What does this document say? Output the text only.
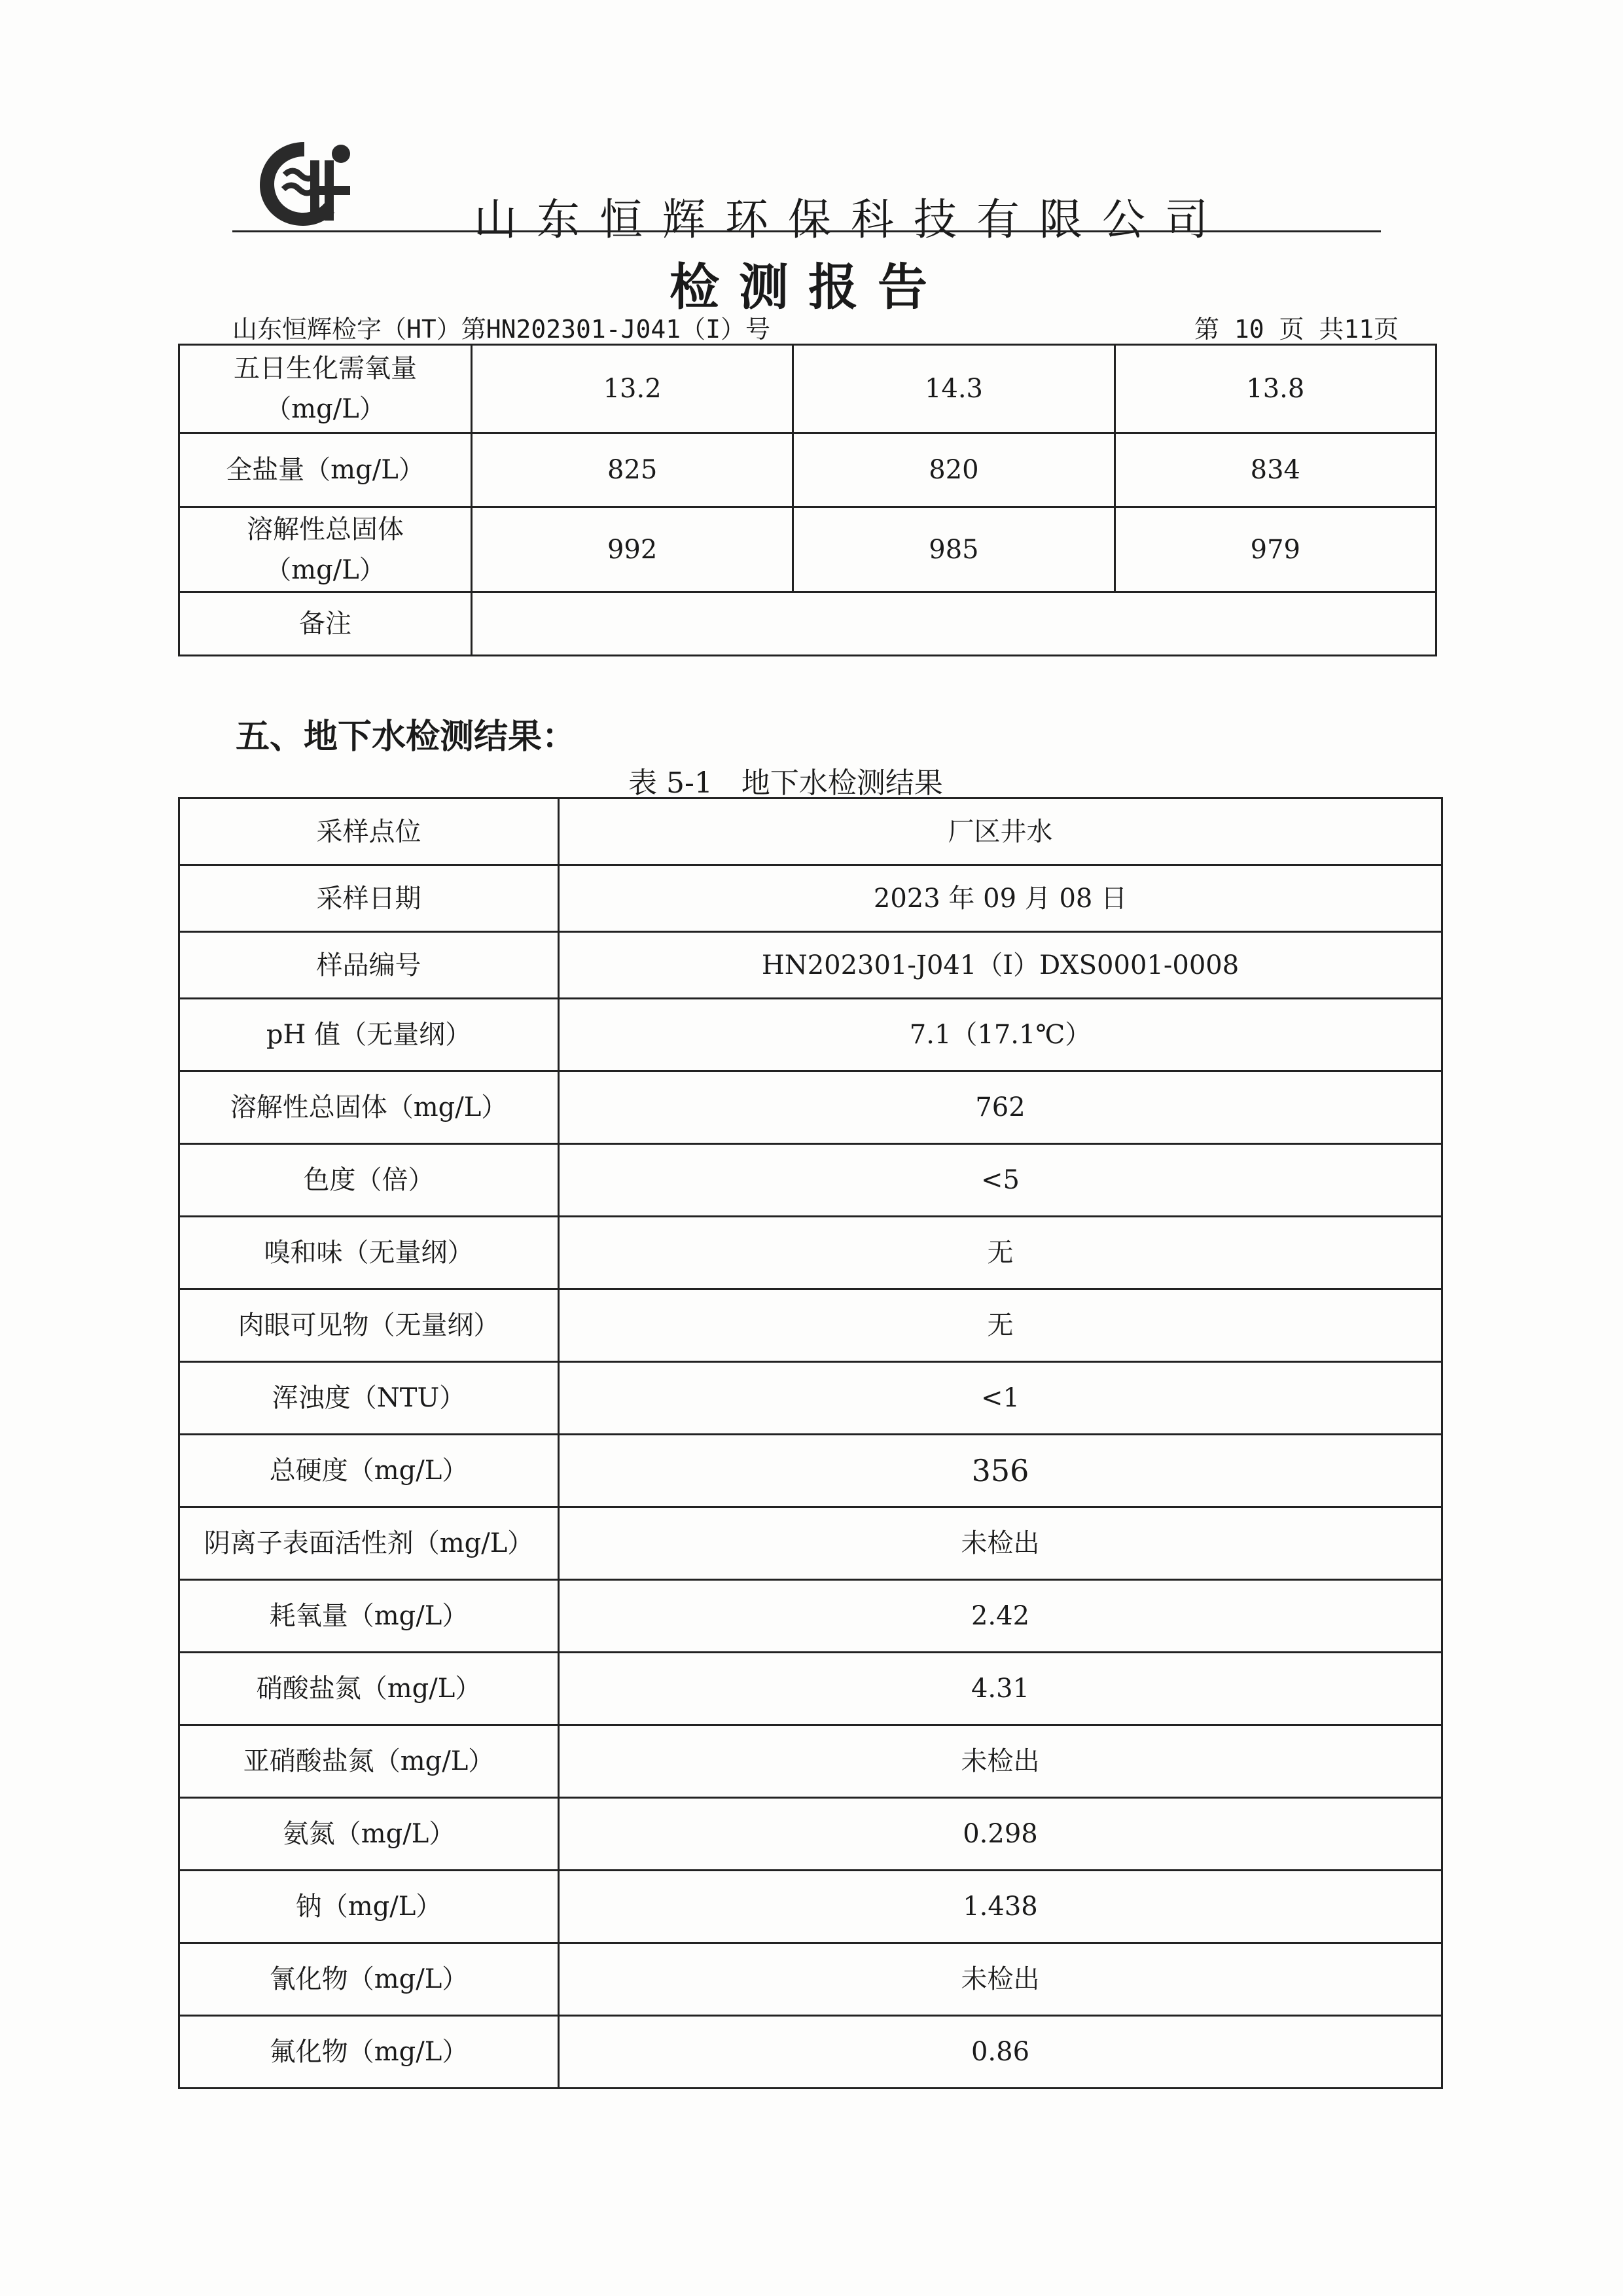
山东恒辉环保科技有限公司
检测报告
山东恒辉检字（HT）第HN202301-J041（I）号	第 10 页 共11页
五日生化需氧量
（mg/L）	13.2	14.3	13.8
全盐量（mg/L）	825	820	834
溶解性总固体
（mg/L）	992	985	979
备注			
五、地下水检测结果：
表 5-1　地下水检测结果
采样点位	厂区井水
采样日期	2023 年 09 月 08 日
样品编号	HN202301-J041（I）DXS0001-0008
pH 值（无量纲）	7.1（17.1℃）
溶解性总固体（mg/L）	762
色度（倍）	<5
嗅和味（无量纲）	无
肉眼可见物（无量纲）	无
浑浊度（NTU）	<1
总硬度（mg/L）	356
阴离子表面活性剂（mg/L）	未检出
耗氧量（mg/L）	2.42
硝酸盐氮（mg/L）	4.31
亚硝酸盐氮（mg/L）	未检出
氨氮（mg/L）	0.298
钠（mg/L）	1.438
氰化物（mg/L）	未检出
氟化物（mg/L）	0.86
